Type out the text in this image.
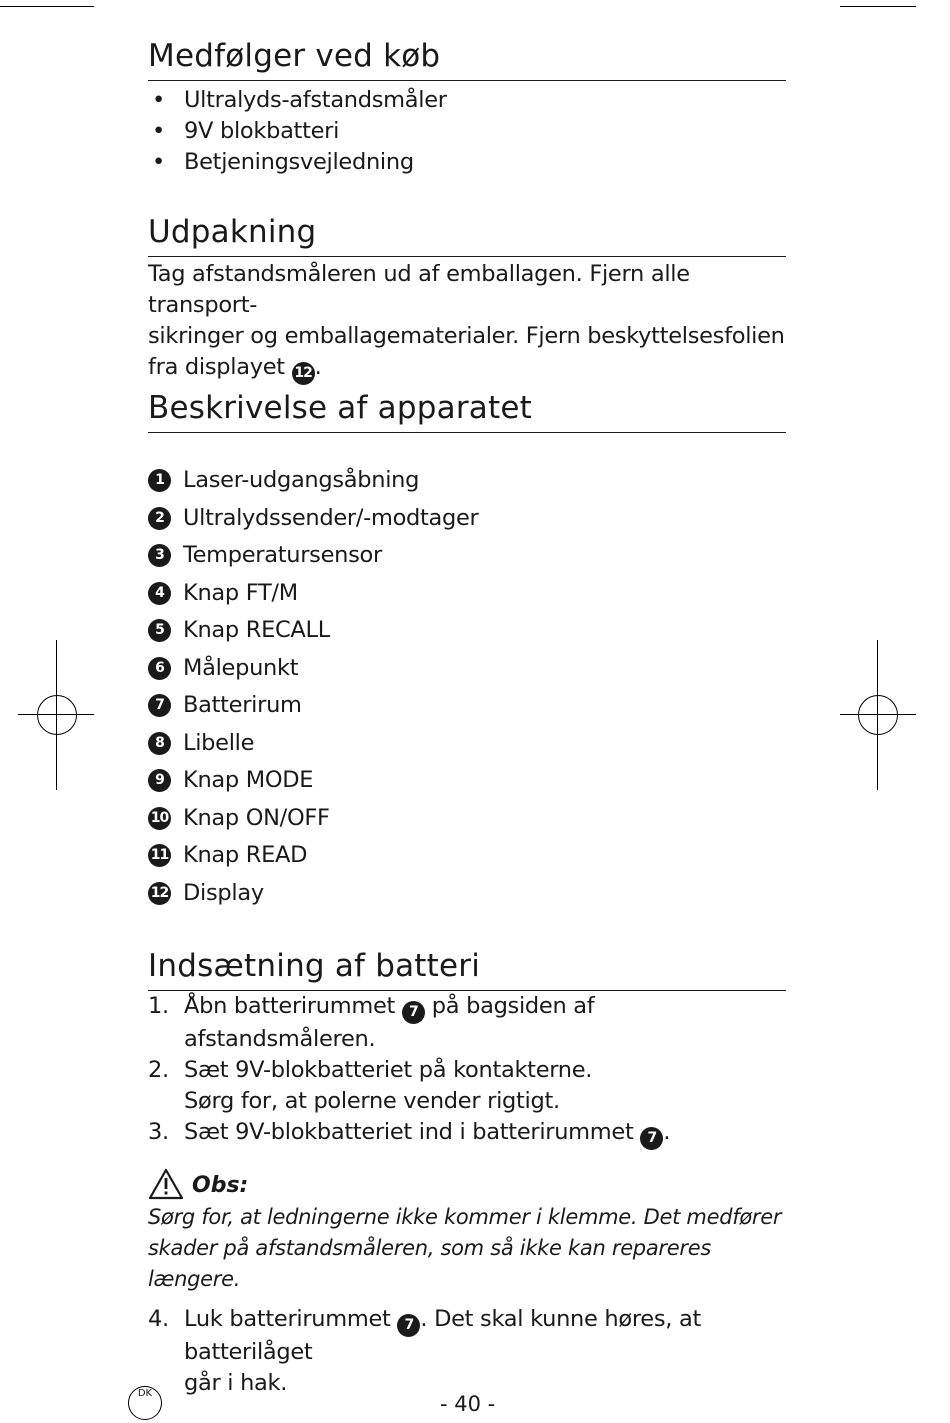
Medfølger ved køb
• Ultralyds-afstandsmåler
• 9V blokbatteri
• Betjeningsvejledning
Udpakning
Tag afstandsmåleren ud af emballagen. Fjern alle transport-
sikringer og emballagematerialer. Fjern beskyttelsesfolien
fra displayet 12 .
Beskrivelse af apparatet
1 Laser-udgangsåbning
2 Ultralydssender/-modtager
3 Temperatursensor
4 Knap FT/M
5 Knap RECALL
6 Målepunkt
7 Batterirum
8 Libelle
9 Knap MODE
10 Knap ON/OFF
11 Knap READ
12 Display
Indsætning af batteri
1. Åbn batterirummet 7 på bagsiden af afstandsmåleren.
2. Sæt 9V-blokbatteriet på kontakterne.
Sørg for, at polerne vender rigtigt.
3. Sæt 9V-blokbatteriet ind i batterirummet 7 .
Obs:
Sørg for, at ledningerne ikke kommer i klemme. Det medfører
skader på afstandsmåleren, som så ikke kan repareres længere.
4. Luk batterirummet 7 . Det skal kunne høres, at batterilåget
går i hak.
DK	- 40 -
